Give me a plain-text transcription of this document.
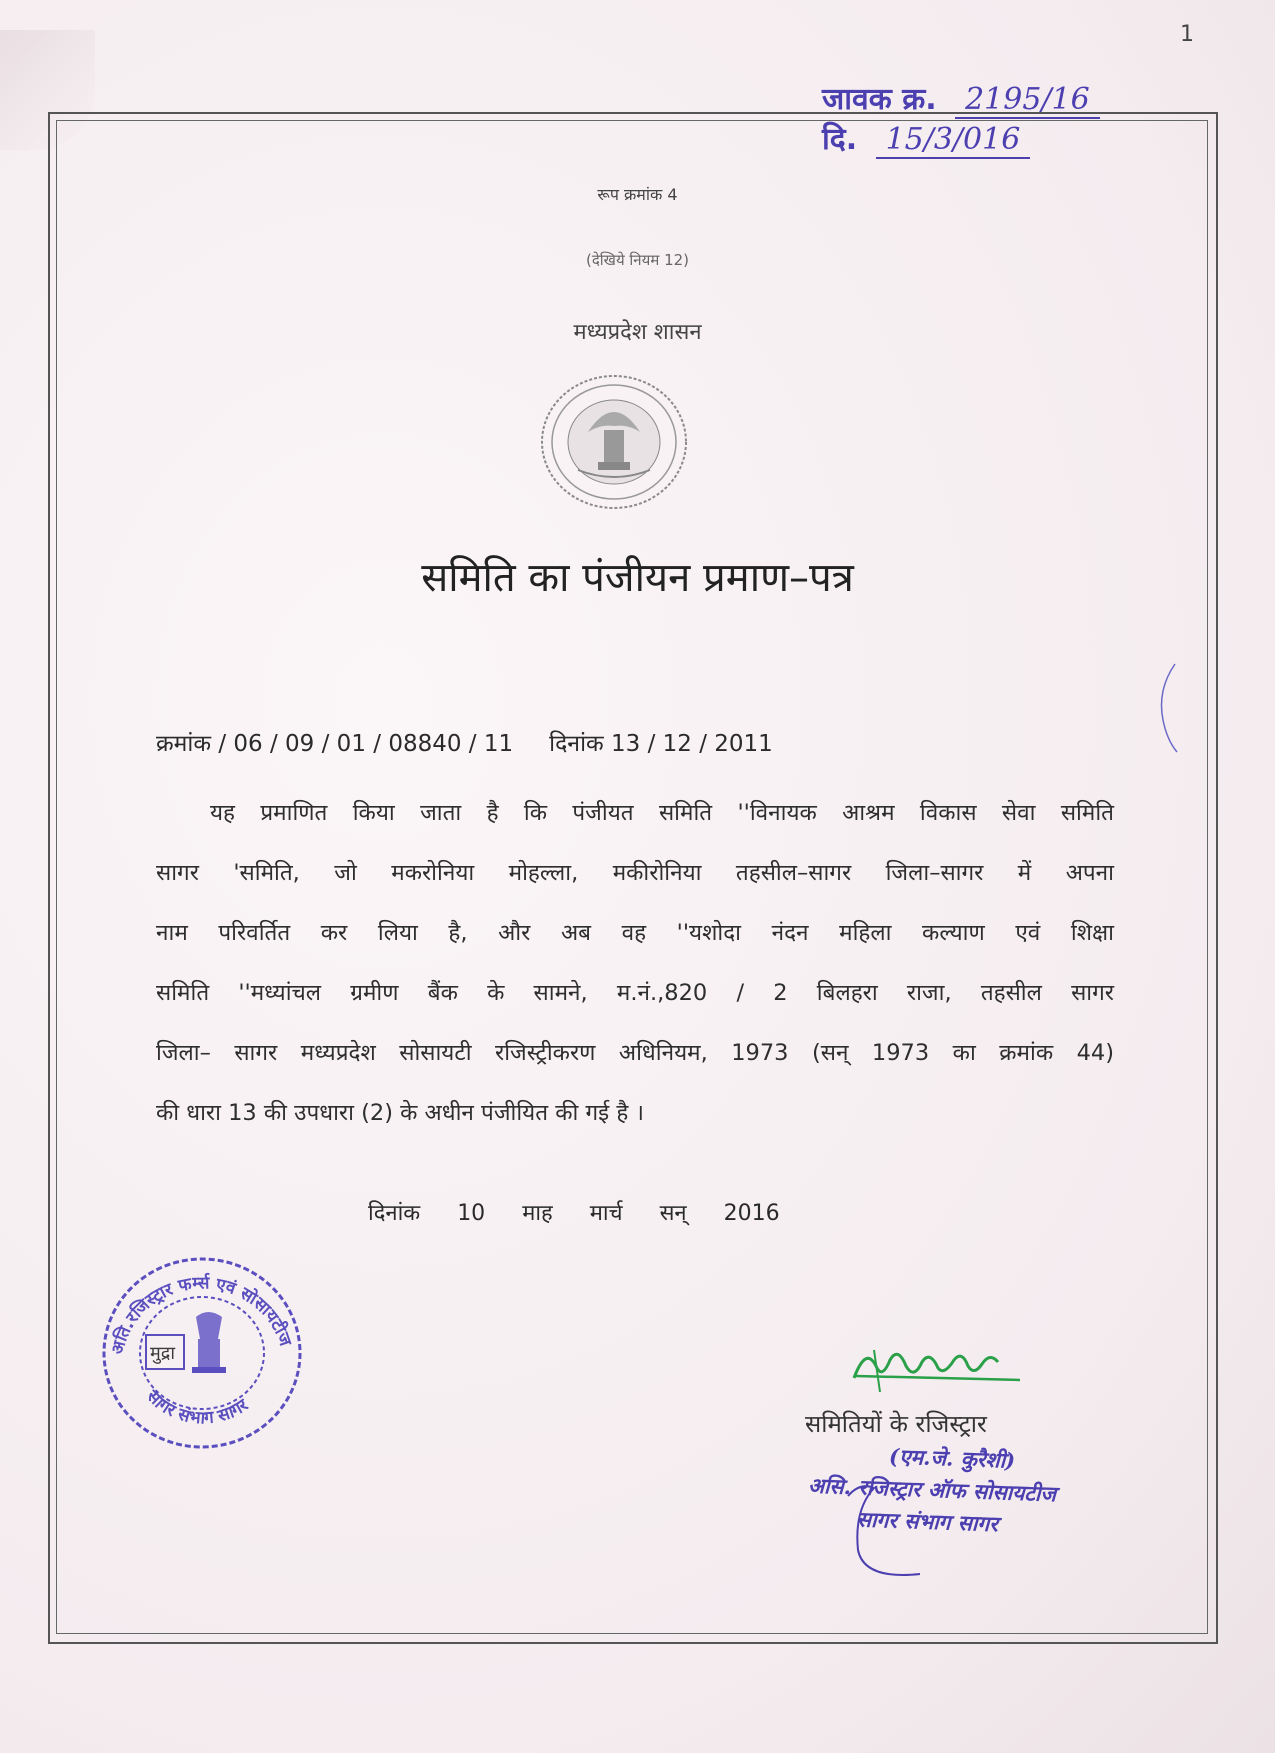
1
जावक क्र. 2195/16
दि. 15/3/016
रूप क्रमांक 4
(देखिये नियम 12)
मध्यप्रदेश शासन
समिति का पंजीयन प्रमाण–पत्र
क्रमांक / 06 / 09 / 01 / 08840 / 11 दिनांक 13 / 12 / 2011
यह प्रमाणित किया जाता है कि पंजीयत समिति ''विनायक आश्रम विकास सेवा समिति
सागर 'समिति, जो मकरोनिया मोहल्ला, मकीरोनिया तहसील–सागर जिला–सागर में अपना
नाम परिवर्तित कर लिया है, और अब वह ''यशोदा नंदन महिला कल्याण एवं शिक्षा
समिति ''मध्यांचल ग्रमीण बैंक के सामने, म.नं.,820 / 2 बिलहरा राजा, तहसील सागर
जिला– सागर मध्यप्रदेश सोसायटी रजिस्ट्रीकरण अधिनियम, 1973 (सन् 1973 का क्रमांक 44)
की धारा 13 की उपधारा (2) के अधीन पंजीयित की गई है ।
दिनांक 10 माह मार्च सन् 2016
अति.रजिस्ट्रार फर्म्स एवं सोसायटीज
सागर संभाग सागर
मुद्रा
समितियों के रजिस्ट्रार
(एम.जे. कुरैशी)
असि. रजिस्ट्रार ऑफ सोसायटीज
सागर संभाग सागर
